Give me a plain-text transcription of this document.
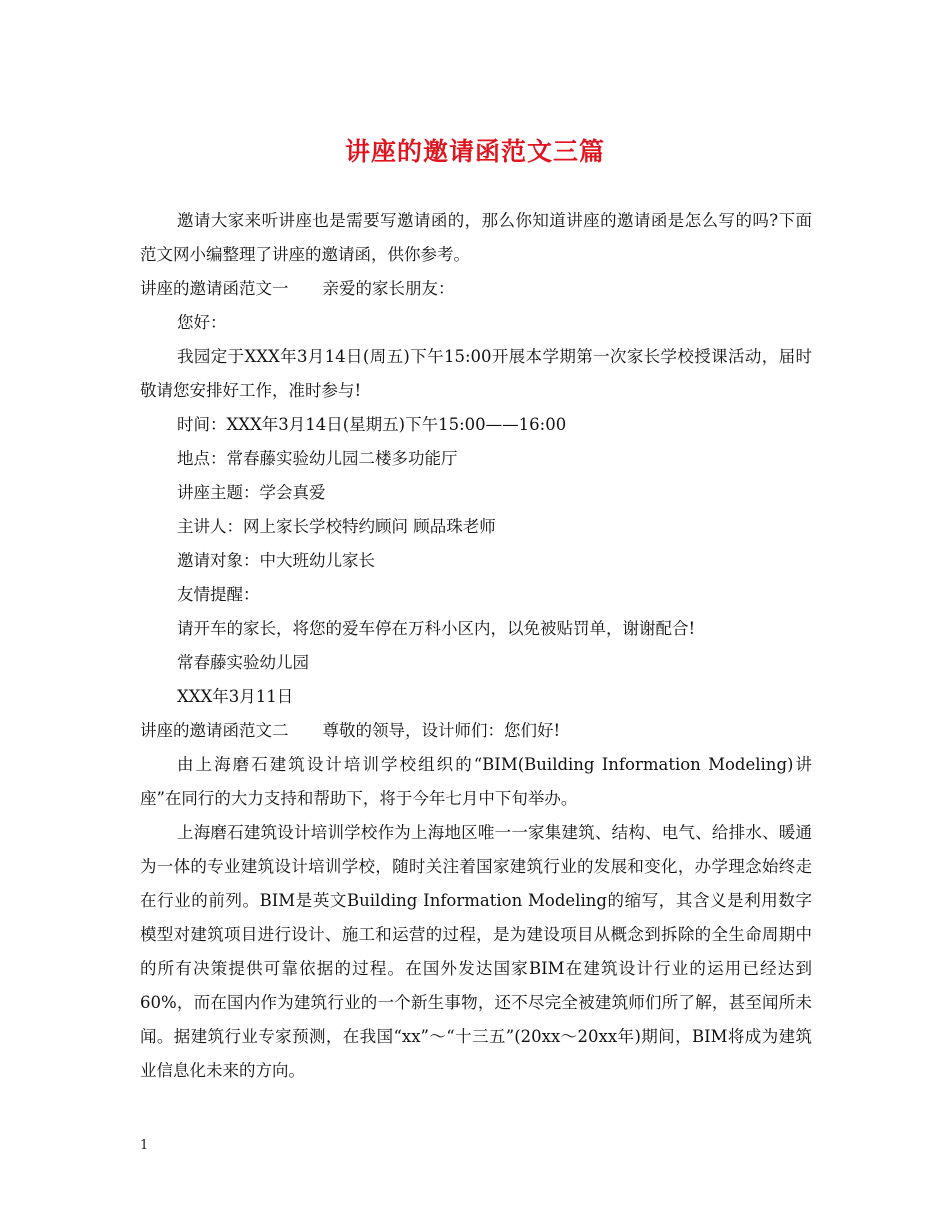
讲座的邀请函范文三篇

邀请大家来听讲座也是需要写邀请函的，那么你知道讲座的邀请函是怎么写的吗?下面范文网小编整理了讲座的邀请函，供你参考。

讲座的邀请函范文一 亲爱的家长朋友：

您好：

我园定于XXX年3月14日(周五)下午15:00开展本学期第一次家长学校授课活动，届时敬请您安排好工作，准时参与!

时间：XXX年3月14日(星期五)下午15:00——16:00

地点：常春藤实验幼儿园二楼多功能厅

讲座主题：学会真爱

主讲人：网上家长学校特约顾问 顾品珠老师

邀请对象：中大班幼儿家长

友情提醒：

请开车的家长，将您的爱车停在万科小区内，以免被贴罚单，谢谢配合!

常春藤实验幼儿园

XXX年3月11日

讲座的邀请函范文二 尊敬的领导，设计师们：您们好!

由上海磨石建筑设计培训学校组织的“BIM(Building Information Modeling)讲座”在同行的大力支持和帮助下，将于今年七月中下旬举办。

上海磨石建筑设计培训学校作为上海地区唯一一家集建筑、结构、电气、给排水、暖通为一体的专业建筑设计培训学校，随时关注着国家建筑行业的发展和变化，办学理念始终走在行业的前列。BIM是英文Building Information Modeling的缩写，其含义是利用数字模型对建筑项目进行设计、施工和运营的过程，是为建设项目从概念到拆除的全生命周期中的所有决策提供可靠依据的过程。在国外发达国家BIM在建筑设计行业的运用已经达到60%，而在国内作为建筑行业的一个新生事物，还不尽完全被建筑师们所了解，甚至闻所未闻。据建筑行业专家预测，在我国“xx”～“十三五”(20xx～20xx年)期间，BIM将成为建筑业信息化未来的方向。

1
